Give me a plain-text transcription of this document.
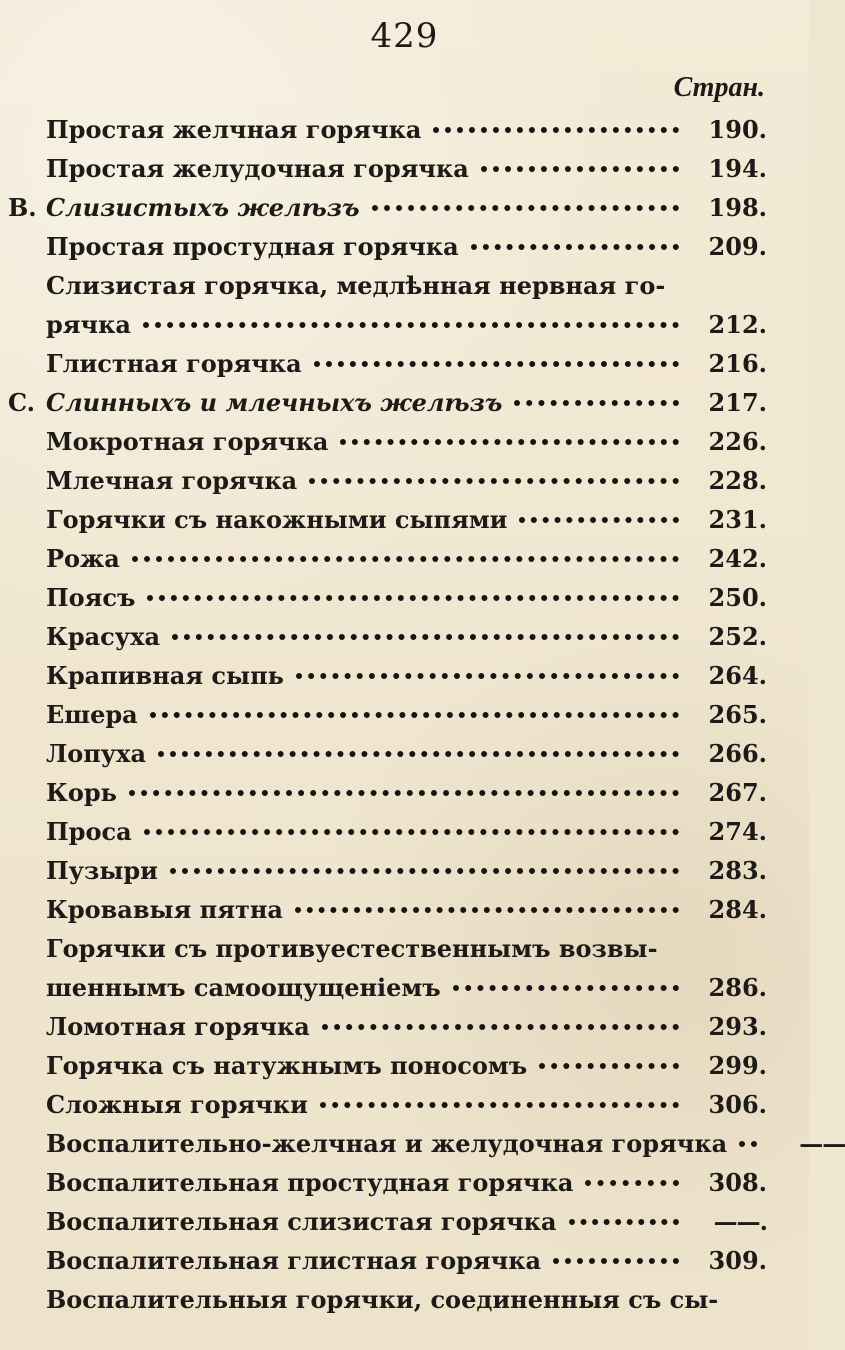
429
Стран.
Простая желчная горячка	190.
Простая желудочная горячка	194.
B. Слизистыхъ желѣзъ	198.
Простая простудная горячка	209.
Слизистая горячка, медлѣнная нервная го-
рячка	212.
Глистная горячка	216.
C. Слинныхъ и млечныхъ желѣзъ	217.
Мокротная горячка	226.
Млечная горячка	228.
Горячки съ накожными сыпями	231.
Рожа	242.
Поясъ	250.
Красуха	252.
Крапивная сыпь	264.
Ешера	265.
Лопуха	266.
Корь	267.
Проса	274.
Пузыри	283.
Кровавыя пятна	284.
Горячки съ противуестественнымъ возвы-
шеннымъ самоощущеніемъ	286.
Ломотная горячка	293.
Горячка съ натужнымъ поносомъ	299.
Сложныя горячки	306.
Воспалительно-желчная и желудочная горячка	——
Воспалительная простудная горячка	308.
Воспалительная слизистая горячка	——.
Воспалительная глистная горячка	309.
Воспалительныя горячки, соединенныя съ сы-
